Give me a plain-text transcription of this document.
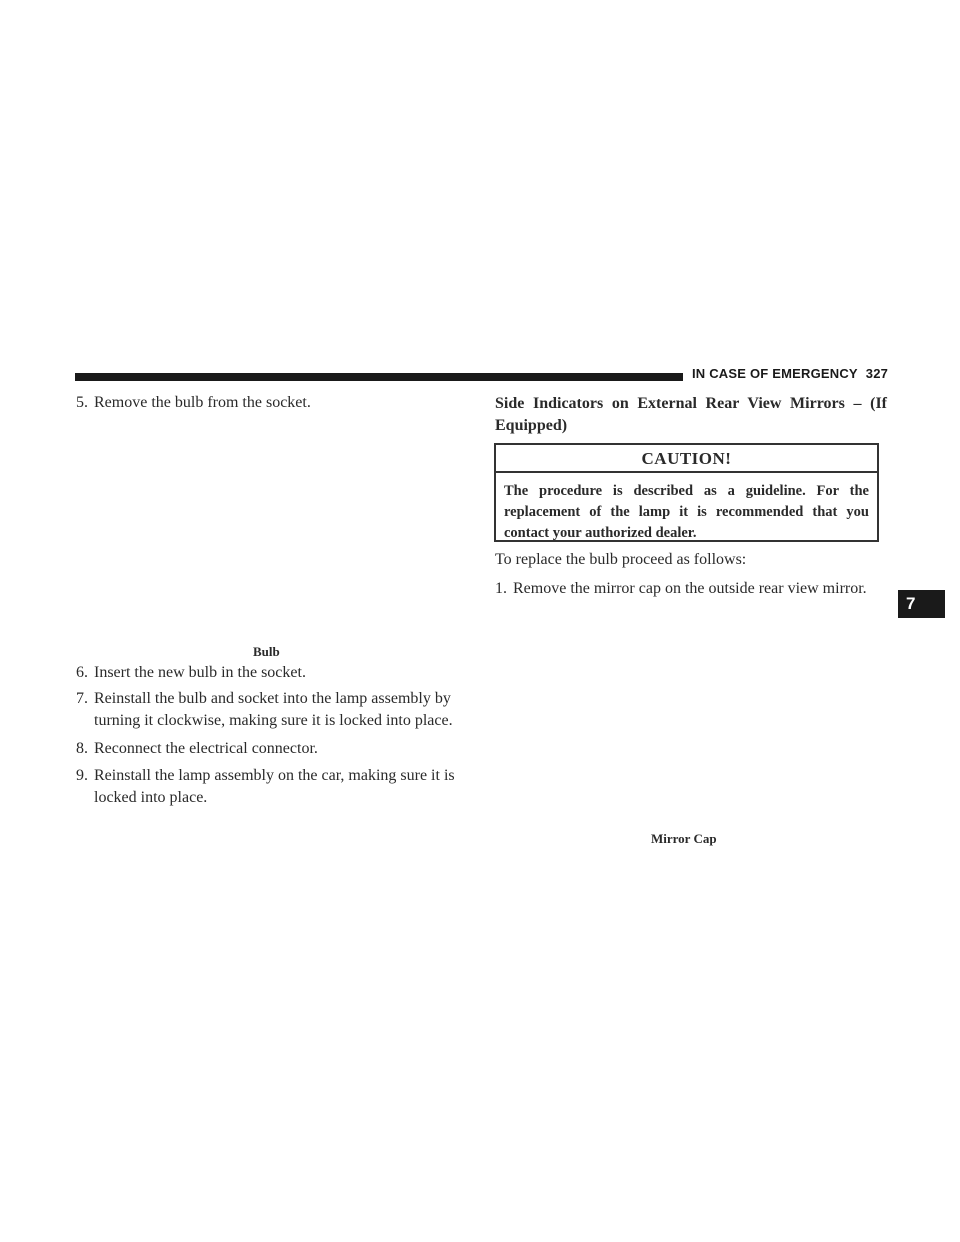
IN CASE OF EMERGENCY 327
5. Remove the bulb from the socket.
Bulb
6. Insert the new bulb in the socket.
7. Reinstall the bulb and socket into the lamp assembly by turning it clockwise, making sure it is locked into place.
8. Reconnect the electrical connector.
9. Reinstall the lamp assembly on the car, making sure it is locked into place.
Side Indicators on External Rear View Mirrors – (If Equipped)
CAUTION!
The procedure is described as a guideline. For the replacement of the lamp it is recommended that you contact your authorized dealer.
To replace the bulb proceed as follows:
1. Remove the mirror cap on the outside rear view mirror.
Mirror Cap
7
